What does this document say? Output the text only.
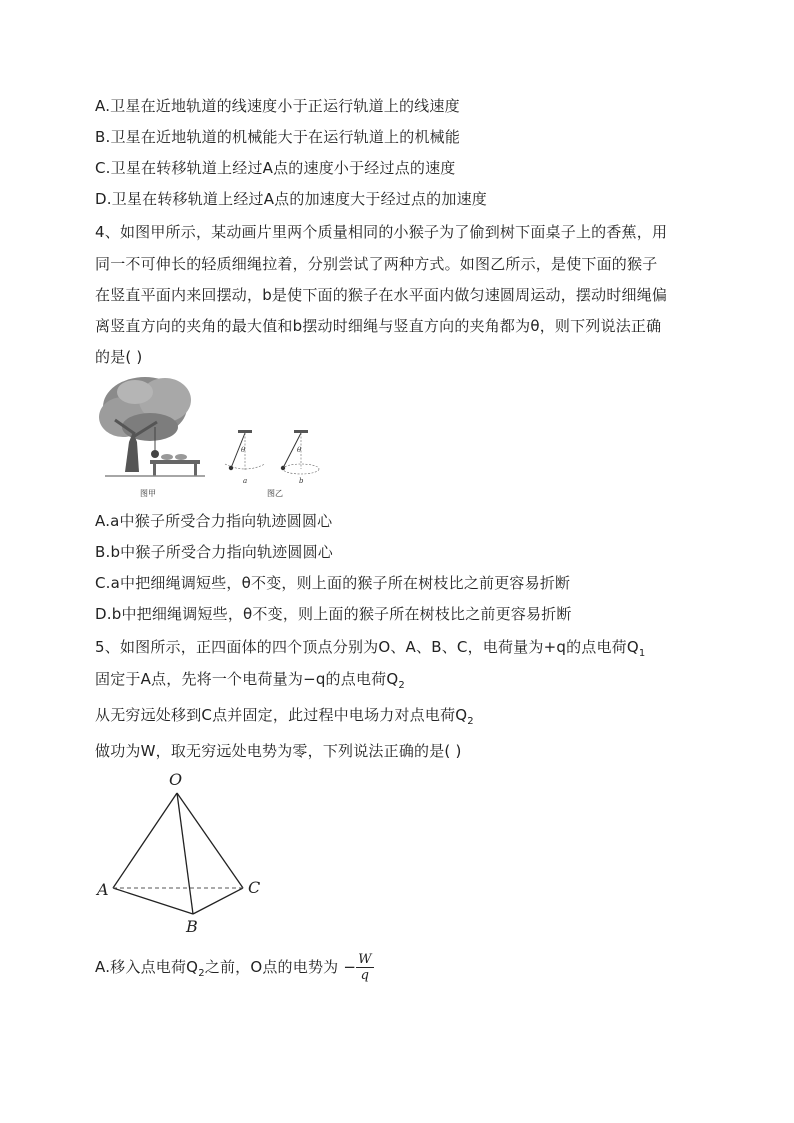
A.卫星在近地轨道的线速度小于正运行轨道上的线速度
B.卫星在近地轨道的机械能大于在运行轨道上的机械能
C.卫星在转移轨道上经过A点的速度小于经过点的速度
D.卫星在转移轨道上经过A点的加速度大于经过点的加速度
4、如图甲所示，某动画片里两个质量相同的小猴子为了偷到树下面桌子上的香蕉，用
同一不可伸长的轻质细绳拉着，分别尝试了两种方式。如图乙所示，是使下面的猴子
在竖直平面内来回摆动，b是使下面的猴子在水平面内做匀速圆周运动，摆动时细绳偏
离竖直方向的夹角的最大值和b摆动时细绳与竖直方向的夹角都为θ，则下列说法正确
的是( )
图甲
θ
a
θ
b
图乙
A.a中猴子所受合力指向轨迹圆圆心
B.b中猴子所受合力指向轨迹圆圆心
C.a中把细绳调短些，θ不变，则上面的猴子所在树枝比之前更容易折断
D.b中把细绳调短些，θ不变，则上面的猴子所在树枝比之前更容易折断
5、如图所示，正四面体的四个顶点分别为O、A、B、C，电荷量为+q的点电荷$Q_1$
固定于A点，先将一个电荷量为−q的点电荷$Q_2$
从无穷远处移到C点并固定，此过程中电场力对点电荷$Q_2$
做功为W，取无穷远处电势为零，下列说法正确的是( )
O
A
B
C
A.移入点电荷$Q_2$之前，O点的电势为 − $\frac{W}{q}$
